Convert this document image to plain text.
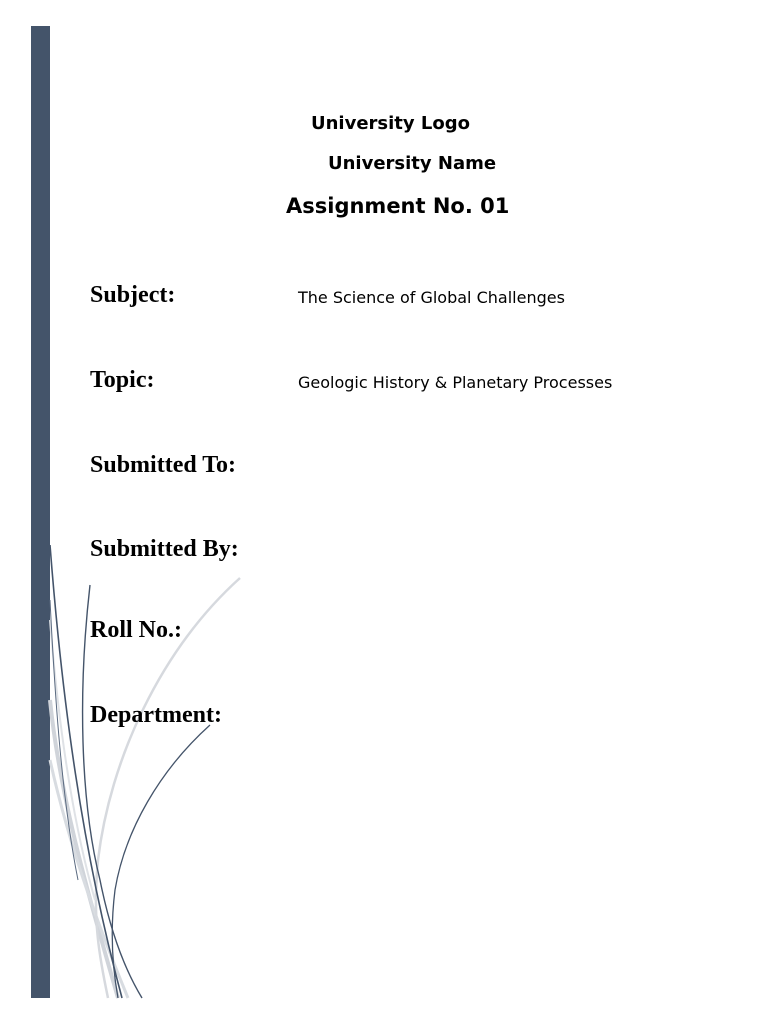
University Logo
University Name
Assignment No. 01
Subject:	The Science of Global Challenges
Topic:	Geologic History & Planetary Processes
Submitted To:
Submitted By:
Roll No.:
Department:
